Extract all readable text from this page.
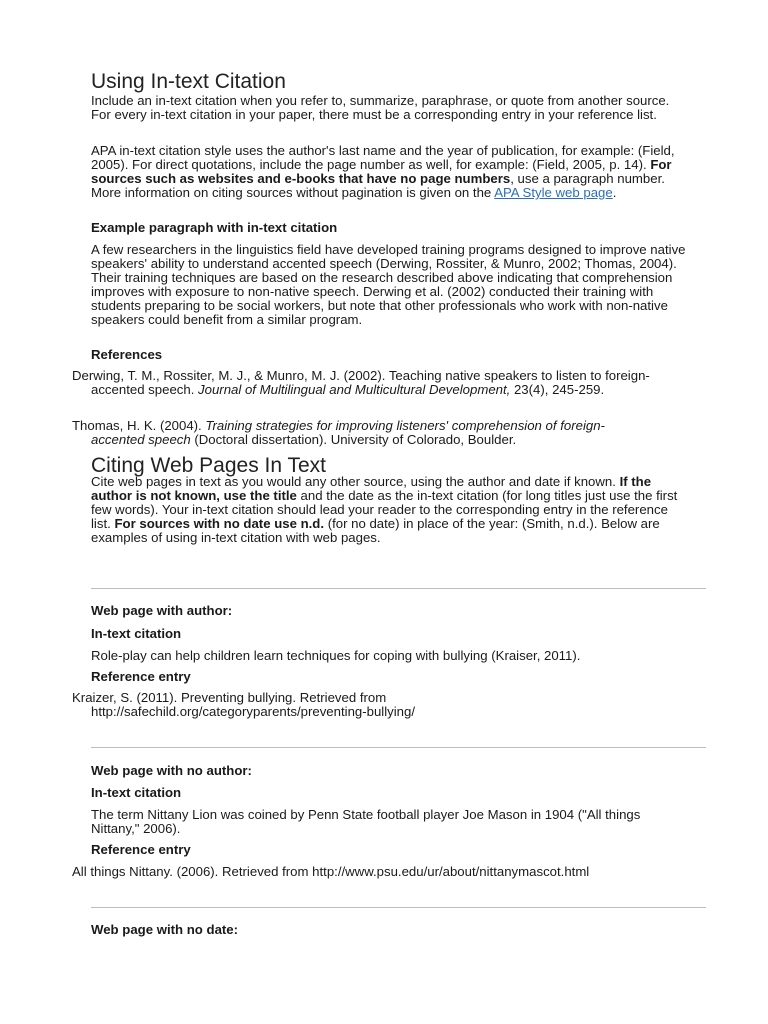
Using In-text Citation
Include an in-text citation when you refer to, summarize, paraphrase, or quote from another source. For every in-text citation in your paper, there must be a corresponding entry in your reference list.
APA in-text citation style uses the author's last name and the year of publication, for example: (Field, 2005). For direct quotations, include the page number as well, for example: (Field, 2005, p. 14). For sources such as websites and e-books that have no page numbers, use a paragraph number. More information on citing sources without pagination is given on the APA Style web page.
Example paragraph with in-text citation
A few researchers in the linguistics field have developed training programs designed to improve native speakers' ability to understand accented speech (Derwing, Rossiter, & Munro, 2002; Thomas, 2004). Their training techniques are based on the research described above indicating that comprehension improves with exposure to non-native speech. Derwing et al. (2002) conducted their training with students preparing to be social workers, but note that other professionals who work with non-native speakers could benefit from a similar program.
References
Derwing, T. M., Rossiter, M. J., & Munro, M. J. (2002). Teaching native speakers to listen to foreign-accented speech. Journal of Multilingual and Multicultural Development, 23(4), 245-259.
Thomas, H. K. (2004). Training strategies for improving listeners' comprehension of foreign-accented speech (Doctoral dissertation). University of Colorado, Boulder.
Citing Web Pages In Text
Cite web pages in text as you would any other source, using the author and date if known. If the author is not known, use the title and the date as the in-text citation (for long titles just use the first few words). Your in-text citation should lead your reader to the corresponding entry in the reference list. For sources with no date use n.d. (for no date) in place of the year: (Smith, n.d.). Below are examples of using in-text citation with web pages.
Web page with author:
In-text citation
Role-play can help children learn techniques for coping with bullying (Kraiser, 2011).
Reference entry
Kraizer, S. (2011). Preventing bullying. Retrieved from http://safechild.org/categoryparents/preventing-bullying/
Web page with no author:
In-text citation
The term Nittany Lion was coined by Penn State football player Joe Mason in 1904 ("All things Nittany," 2006).
Reference entry
All things Nittany. (2006). Retrieved from http://www.psu.edu/ur/about/nittanymascot.html
Web page with no date:
